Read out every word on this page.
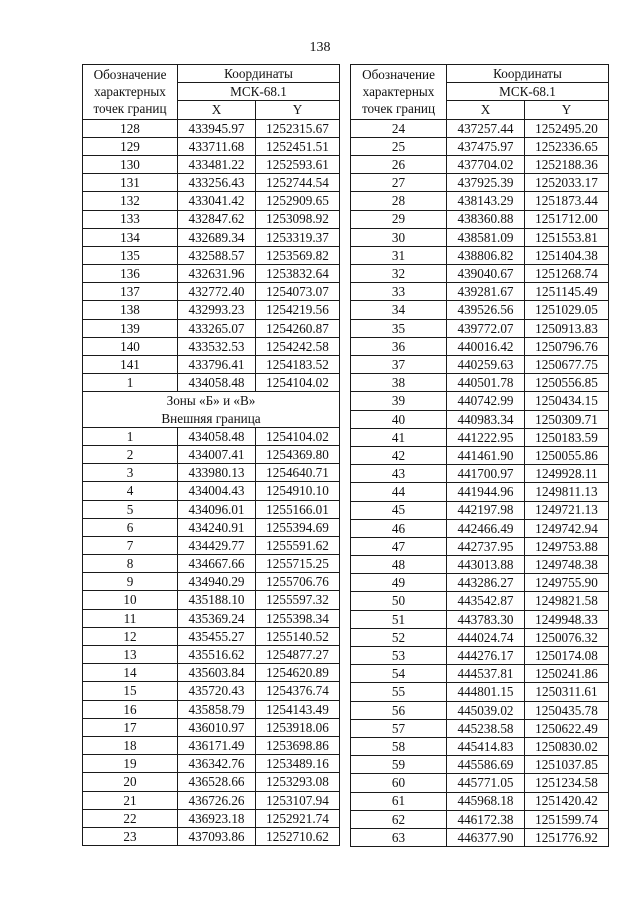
138
Обозначение
характерных
точек границ	Координаты	
	МСК-68.1	
	X	Y
128	433945.97	1252315.67
129	433711.68	1252451.51
130	433481.22	1252593.61
131	433256.43	1252744.54
132	433041.42	1252909.65
133	432847.62	1253098.92
134	432689.34	1253319.37
135	432588.57	1253569.82
136	432631.96	1253832.64
137	432772.40	1254073.07
138	432993.23	1254219.56
139	433265.07	1254260.87
140	433532.53	1254242.58
141	433796.41	1254183.52
1	434058.48	1254104.02

Зоны «Б» и «В»
Внешняя граница		

1	434058.48	1254104.02
2	434007.41	1254369.80
3	433980.13	1254640.71
4	434004.43	1254910.10
5	434096.01	1255166.01
6	434240.91	1255394.69
7	434429.77	1255591.62
8	434667.66	1255715.25
9	434940.29	1255706.76
10	435188.10	1255597.32
11	435369.24	1255398.34
12	435455.27	1255140.52
13	435516.62	1254877.27
14	435603.84	1254620.89
15	435720.43	1254376.74
16	435858.79	1254143.49
17	436010.97	1253918.06
18	436171.49	1253698.86
19	436342.76	1253489.16
20	436528.66	1253293.08
21	436726.26	1253107.94
22	436923.18	1252921.74
23	437093.86	1252710.62
Обозначение
характерных
точек границ	Координаты	
	МСК-68.1	
	X	Y
24	437257.44	1252495.20
25	437475.97	1252336.65
26	437704.02	1252188.36
27	437925.39	1252033.17
28	438143.29	1251873.44
29	438360.88	1251712.00
30	438581.09	1251553.81
31	438806.82	1251404.38
32	439040.67	1251268.74
33	439281.67	1251145.49
34	439526.56	1251029.05
35	439772.07	1250913.83
36	440016.42	1250796.76
37	440259.63	1250677.75
38	440501.78	1250556.85
39	440742.99	1250434.15
40	440983.34	1250309.71
41	441222.95	1250183.59
42	441461.90	1250055.86
43	441700.97	1249928.11
44	441944.96	1249811.13
45	442197.98	1249721.13
46	442466.49	1249742.94
47	442737.95	1249753.88
48	443013.88	1249748.38
49	443286.27	1249755.90
50	443542.87	1249821.58
51	443783.30	1249948.33
52	444024.74	1250076.32
53	444276.17	1250174.08
54	444537.81	1250241.86
55	444801.15	1250311.61
56	445039.02	1250435.78
57	445238.58	1250622.49
58	445414.83	1250830.02
59	445586.69	1251037.85
60	445771.05	1251234.58
61	445968.18	1251420.42
62	446172.38	1251599.74
63	446377.90	1251776.92
